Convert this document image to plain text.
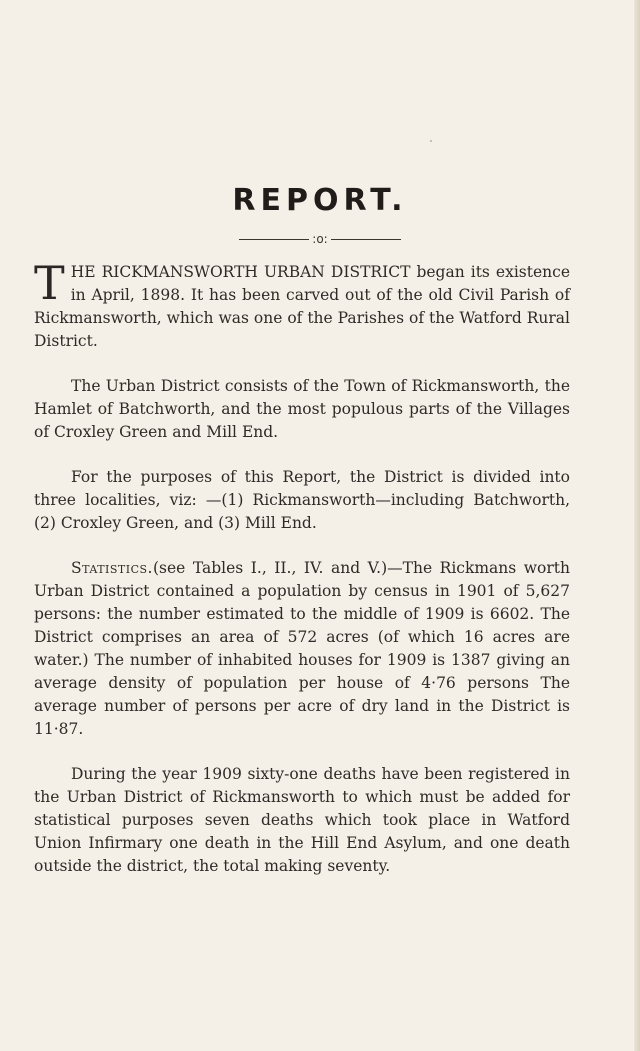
REPORT.
:o:

THE RICKMANSWORTH URBAN DISTRICT began its existence in April, 1898. It has been carved out of the old Civil Parish of Rickmansworth, which was one of the Parishes of the Watford Rural District.

The Urban District consists of the Town of Rickmansworth, the Hamlet of Batchworth, and the most populous parts of the Villages of Croxley Green and Mill End.

For the purposes of this Report, the District is divided into three localities, viz: —(1) Rickmansworth—including Batchworth, (2) Croxley Green, and (3) Mill End.

Statistics.(see Tables I., II., IV. and V.)—The Rickmans worth Urban District contained a population by census in 1901 of 5,627 persons: the number estimated to the middle of 1909 is 6602. The District comprises an area of 572 acres (of which 16 acres are water.) The number of inhabited houses for 1909 is 1387 giving an average density of population per house of 4·76 persons The average number of persons per acre of dry land in the District is 11·87.

During the year 1909 sixty-one deaths have been registered in the Urban District of Rickmansworth to which must be added for statistical purposes seven deaths which took place in Watford Union Infirmary one death in the Hill End Asylum, and one death outside the district, the total making seventy.
